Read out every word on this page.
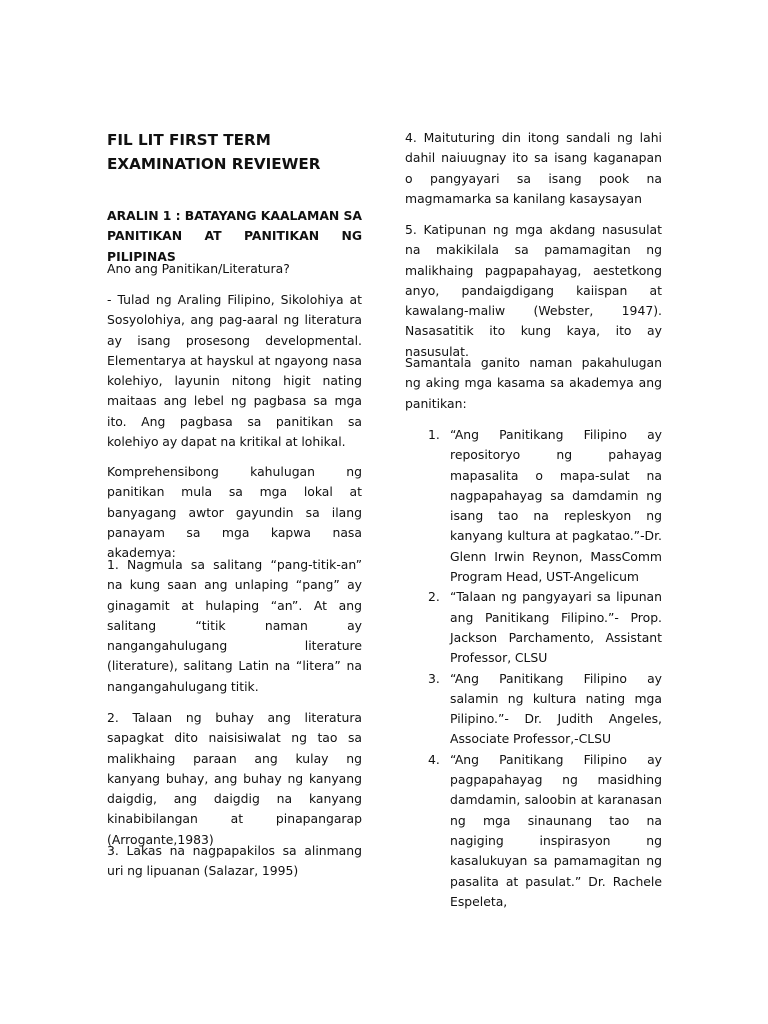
FIL LIT FIRST TERM EXAMINATION REVIEWER

ARALIN 1 : BATAYANG KAALAMAN SA PANITIKAN AT PANITIKAN NG PILIPINAS

Ano ang Panitikan/Literatura?

- Tulad ng Araling Filipino, Sikolohiya at Sosyolohiya, ang pag-aaral ng literatura ay isang prosesong developmental. Elementarya at hayskul at ngayong nasa kolehiyo, layunin nitong higit nating maitaas ang lebel ng pagbasa sa mga ito. Ang pagbasa sa panitikan sa kolehiyo ay dapat na kritikal at lohikal.

Komprehensibong kahulugan ng panitikan mula sa mga lokal at banyagang awtor gayundin sa ilang panayam sa mga kapwa nasa akademya:

1. Nagmula sa salitang “pang-titik-an” na kung saan ang unlaping “pang” ay ginagamit at hulaping “an”. At ang salitang “titik naman ay nangangahulugang literature (literature), salitang Latin na “litera” na nangangahulugang titik.

2. Talaan ng buhay ang literatura sapagkat dito naisisiwalat ng tao sa malikhaing paraan ang kulay ng kanyang buhay, ang buhay ng kanyang daigdig, ang daigdig na kanyang kinabibilangan at pinapangarap (Arrogante,1983)

3. Lakas na nagpapakilos sa alinmang uri ng lipuanan (Salazar, 1995)

4. Maituturing din itong sandali ng lahi dahil naiuugnay ito sa isang kaganapan o pangyayari sa isang pook na magmamarka sa kanilang kasaysayan

5. Katipunan ng mga akdang nasusulat na makikilala sa pamamagitan ng malikhaing pagpapahayag, aestetkong anyo, pandaigdigang kaiispan at kawalang-maliw (Webster, 1947). Nasasatitik ito kung kaya, ito ay nasusulat.

Samantala ganito naman pakahulugan ng aking mga kasama sa akademya ang panitikan:

1. “Ang Panitikang Filipino ay repositoryo ng pahayag mapasalita o mapa-sulat na nagpapahayag sa damdamin ng isang tao na repleskyon ng kanyang kultura at pagkatao.”-Dr. Glenn Irwin Reynon, MassComm Program Head, UST-Angelicum

2. “Talaan ng pangyayari sa lipunan ang Panitikang Filipino.”- Prop. Jackson Parchamento, Assistant Professor, CLSU

3. “Ang Panitikang Filipino ay salamin ng kultura nating mga Pilipino.”- Dr. Judith Angeles, Associate Professor,-CLSU

4. “Ang Panitikang Filipino ay pagpapahayag ng masidhing damdamin, saloobin at karanasan ng mga sinaunang tao na nagiging inspirasyon ng kasalukuyan sa pamamagitan ng pasalita at pasulat.” Dr. Rachele Espeleta,
